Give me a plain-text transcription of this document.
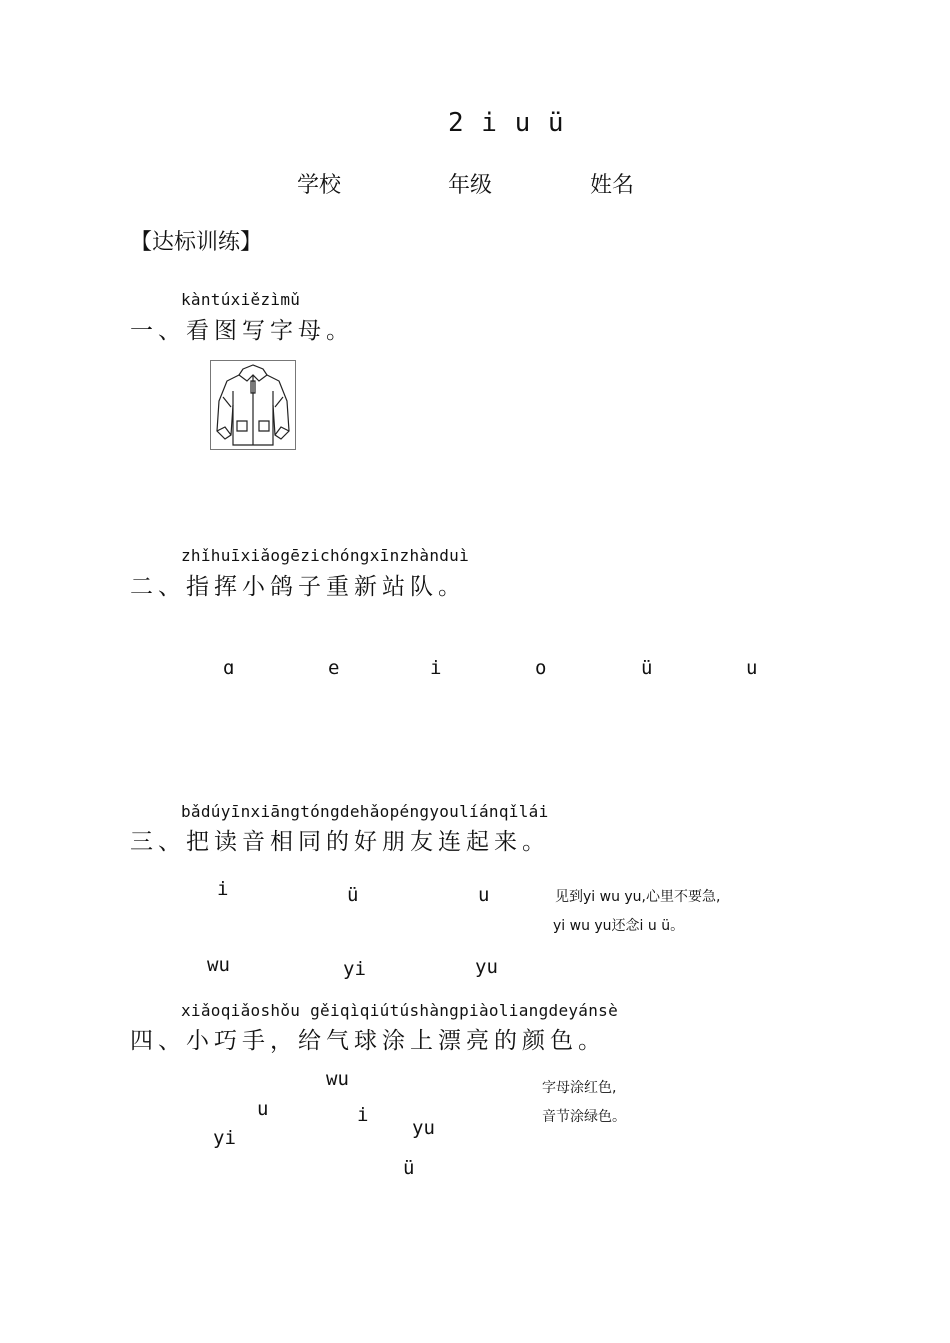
2 i u ü
学校	年级	姓名
【达标训练】
kàntúxiězìmǔ
一、看图写字母。
zhǐhuīxiǎogēzichóngxīnzhànduì
二、指挥小鸽子重新站队。
ɑ	e	i	o	ü	u
bǎdúyīnxiāngtóngdehǎopéngyoulíánqǐlái
三、把读音相同的好朋友连起来。
i	ü	u	见到yi wu yu,心里不要急,
yi wu yu还念i u ü。
wu	yi	yu
xiǎoqiǎoshǒu gěiqìqiútúshàngpiàoliangdeyánsè
四、小巧手，给气球涂上漂亮的颜色。
wu
u	i
yu
yi
ü
字母涂红色,
音节涂绿色。
